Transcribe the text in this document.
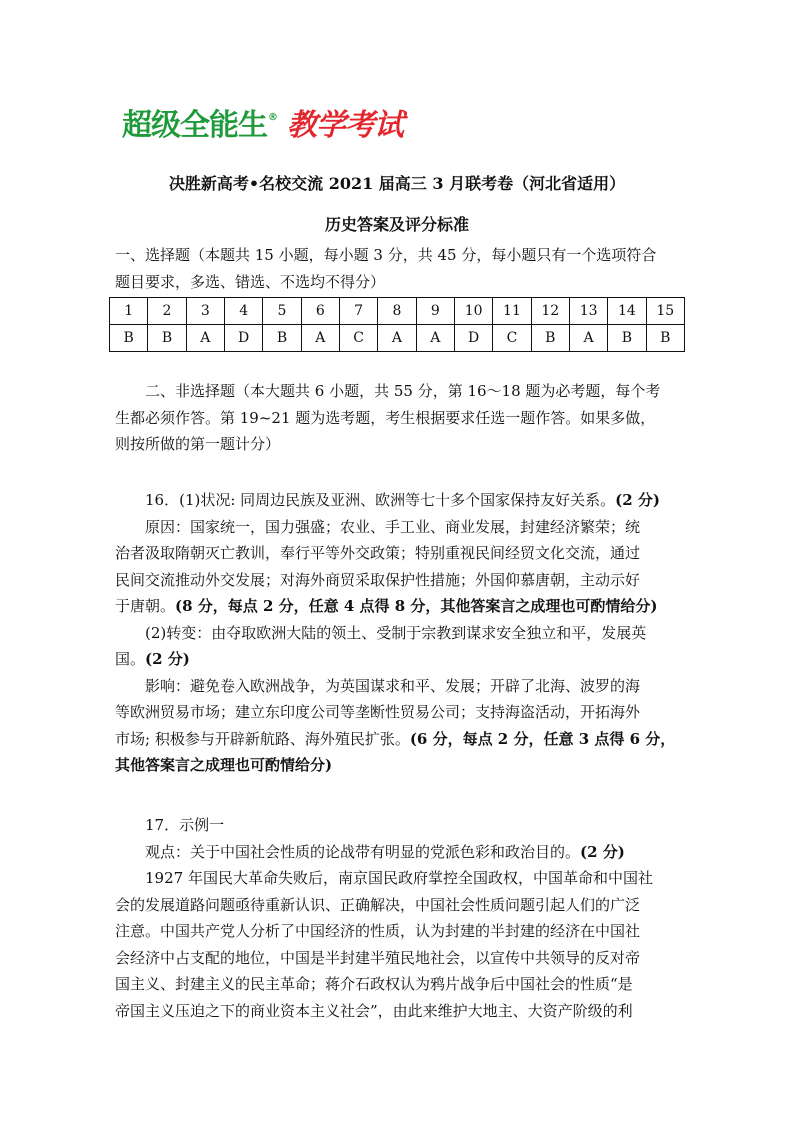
超级全能生 ® 教学考试
决胜新高考•名校交流 2021 届高三 3 月联考卷（河北省适用）
历史答案及评分标准
一、选择题（本题共 15 小题，每小题 3 分，共 45 分，每小题只有一个选项符合
题目要求，多选、错选、不选均不得分）
1	2	3	4	5	6	7	8	9	10	11	12	13	14	15
B	B	A	D	B	A	C	A	A	D	C	B	A	B	B
二、非选择题（本大题共 6 小题，共 55 分，第 16～18 题为必考题，每个考
生都必须作答。第 19~21 题为选考题，考生根据要求任选一题作答。如果多做，
则按所做的第一题计分）
16．(1)状况: 同周边民族及亚洲、欧洲等七十多个国家保持友好关系。(2 分)
原因：国家统一，国力强盛；农业、手工业、商业发展，封建经济繁荣；统
治者汲取隋朝灭亡教训，奉行平等外交政策；特别重视民间经贸文化交流，通过
民间交流推动外交发展；对海外商贸采取保护性措施；外国仰慕唐朝，主动示好
于唐朝。(8 分，每点 2 分，任意 4 点得 8 分，其他答案言之成理也可酌情给分)
(2)转变：由夺取欧洲大陆的领土、受制于宗教到谋求安全独立和平，发展英
国。(2 分)
影响：避免卷入欧洲战争，为英国谋求和平、发展；开辟了北海、波罗的海
等欧洲贸易市场；建立东印度公司等垄断性贸易公司；支持海盗活动，开拓海外
市场; 积极参与开辟新航路、海外殖民扩张。(6 分，每点 2 分，任意 3 点得 6 分，
其他答案言之成理也可酌情给分)
17．示例一
观点：关于中国社会性质的论战带有明显的党派色彩和政治目的。(2 分)
1927 年国民大革命失败后，南京国民政府掌控全国政权，中国革命和中国社
会的发展道路问题亟待重新认识、正确解决，中国社会性质问题引起人们的广泛
注意。中国共产党人分析了中国经济的性质，认为封建的半封建的经济在中国社
会经济中占支配的地位，中国是半封建半殖民地社会，以宣传中共领导的反对帝
国主义、封建主义的民主革命；蒋介石政权认为鸦片战争后中国社会的性质“是
帝国主义压迫之下的商业资本主义社会”，由此来维护大地主、大资产阶级的利
